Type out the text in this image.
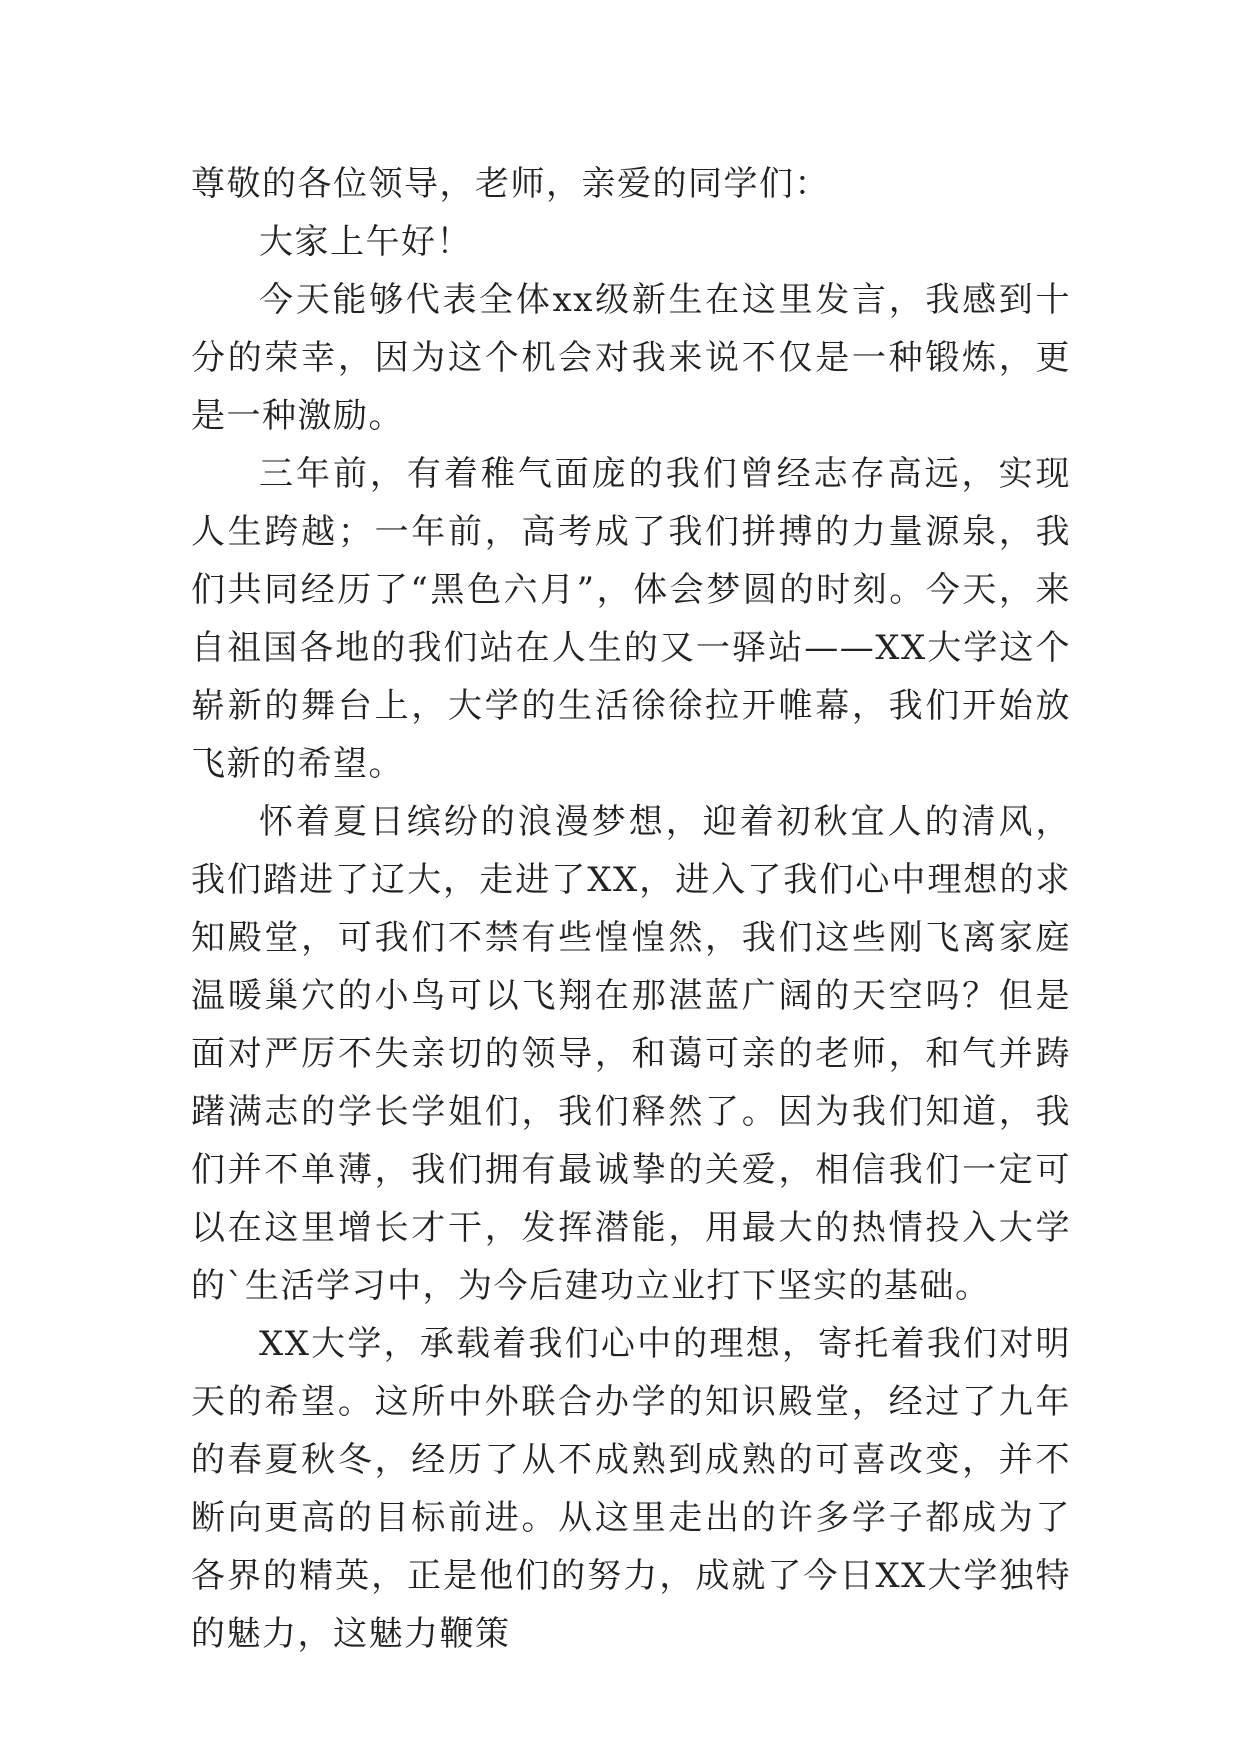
尊敬的各位领导，老师，亲爱的同学们：

大家上午好！

今天能够代表全体xx级新生在这里发言，我感到十分的荣幸，因为这个机会对我来说不仅是一种锻炼，更是一种激励。

三年前，有着稚气面庞的我们曾经志存高远，实现人生跨越；一年前，高考成了我们拼搏的力量源泉，我们共同经历了“黑色六月”，体会梦圆的时刻。今天，来自祖国各地的我们站在人生的又一驿站——XX大学这个崭新的舞台上，大学的生活徐徐拉开帷幕，我们开始放飞新的希望。

怀着夏日缤纷的浪漫梦想，迎着初秋宜人的清风，我们踏进了辽大，走进了XX，进入了我们心中理想的求知殿堂，可我们不禁有些惶惶然，我们这些刚飞离家庭温暖巢穴的小鸟可以飞翔在那湛蓝广阔的天空吗？但是面对严厉不失亲切的领导，和蔼可亲的老师，和气并踌躇满志的学长学姐们，我们释然了。因为我们知道，我们并不单薄，我们拥有最诚挚的关爱，相信我们一定可以在这里增长才干，发挥潜能，用最大的热情投入大学的`生活学习中，为今后建功立业打下坚实的基础。

XX大学，承载着我们心中的理想，寄托着我们对明天的希望。这所中外联合办学的知识殿堂，经过了九年的春夏秋冬，经历了从不成熟到成熟的可喜改变，并不断向更高的目标前进。从这里走出的许多学子都成为了各界的精英，正是他们的努力，成就了今日XX大学独特的魅力，这魅力鞭策
